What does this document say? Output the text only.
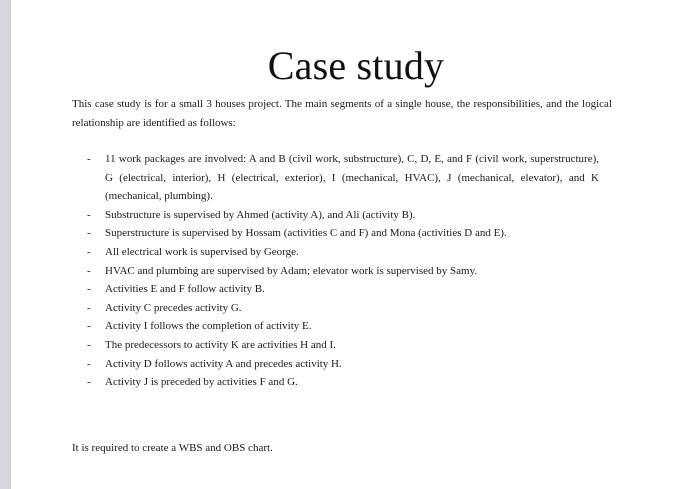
Case study

This case study is for a small 3 houses project. The main segments of a single house, the responsibilities, and the logical relationship are identified as follows:

- 11 work packages are involved: A and B (civil work, substructure), C, D, E, and F (civil work, superstructure), G (electrical, interior), H (electrical, exterior), I (mechanical, HVAC), J (mechanical, elevator), and K (mechanical, plumbing).
- Substructure is supervised by Ahmed (activity A), and Ali (activity B).
- Superstructure is supervised by Hossam (activities C and F) and Mona (activities D and E).
- All electrical work is supervised by George.
- HVAC and plumbing are supervised by Adam; elevator work is supervised by Samy.
- Activities E and F follow activity B.
- Activity C precedes activity G.
- Activity I follows the completion of activity E.
- The predecessors to activity K are activities H and I.
- Activity D follows activity A and precedes activity H.
- Activity J is preceded by activities F and G.

It is required to create a WBS and OBS chart.
